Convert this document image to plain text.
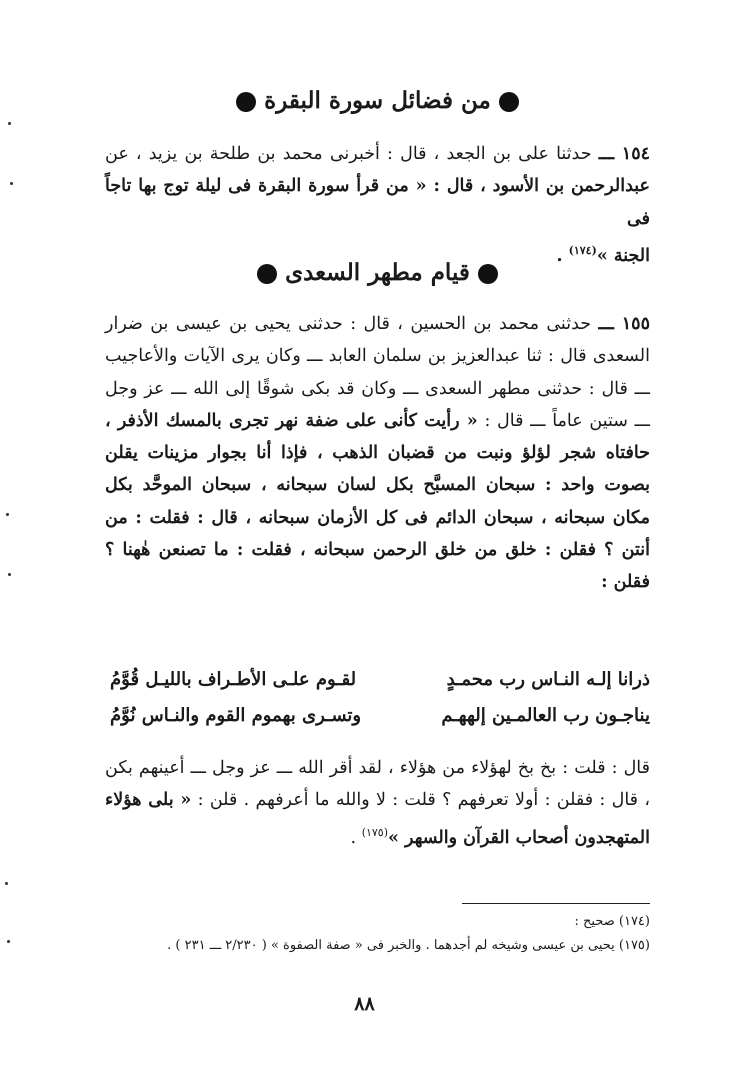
من فضائل سورة البقرة
١٥٤ ـــ حدثنا على بن الجعد ، قال : أخبرنى محمد بن طلحة بن يزيد ، عن
عبدالرحمن بن الأسود ، قال : « من قرأ سورة البقرة فى ليلة توج بها تاجاً فى
الجنة »$^{(١٧٤)}$ .
قيام مطهر السعدى
١٥٥ ـــ حدثنى محمد بن الحسين ، قال : حدثنى يحيى بن عيسى بن ضرار السعدى قال : ثنا عبدالعزيز بن سلمان العابد ـــ وكان يرى الآيات والأعاجيب ـــ قال : حدثنى مطهر السعدى ـــ وكان قد بكى شوقًا إلى الله ـــ عز وجل ـــ ستين عاماً ـــ قال : « رأيت كأنى على ضفة نهر تجرى بالمسك الأذفر ، حافتاه شجر لؤلؤ ونبت من قضبان الذهب ، فإذا أنا بجوار مزينات يقلن بصوت واحد : سبحان المسبَّح بكل لسان سبحانه ، سبحان الموحَّد بكل مكان سبحانه ، سبحان الدائم فى كل الأزمان سبحانه ، قال : فقلت : من أنتن ؟ فقلن : خلق من خلق الرحمن سبحانه ، فقلت : ما تصنعن هٰهنا ؟ فقلن :
ذرانا إلـه النـاس رب محمـدٍ
لقـوم علـى الأطـراف بالليـل قُوَّمُ
يناجـون رب العالمـين إلههـم
وتسـرى بهموم القوم والنـاس نُوَّمُ
قال : قلت : بخ بخ لهؤلاء من هؤلاء ، لقد أقر الله ـــ عز وجل ـــ أعينهم بكن ، قال : فقلن : أولا تعرفهم ؟ قلت : لا والله ما أعرفهم . قلن : « بلى هؤلاء المتهجدون أصحاب القرآن والسهر »$^{(١٧٥)}$ .
(١٧٤) صحيح :
(١٧٥) يحيى بن عيسى وشيخه لم أجدهما . والخبر فى « صفة الصفوة » ( ٢/٢٣٠ ـــ ٢٣١ ) .
٨٨
